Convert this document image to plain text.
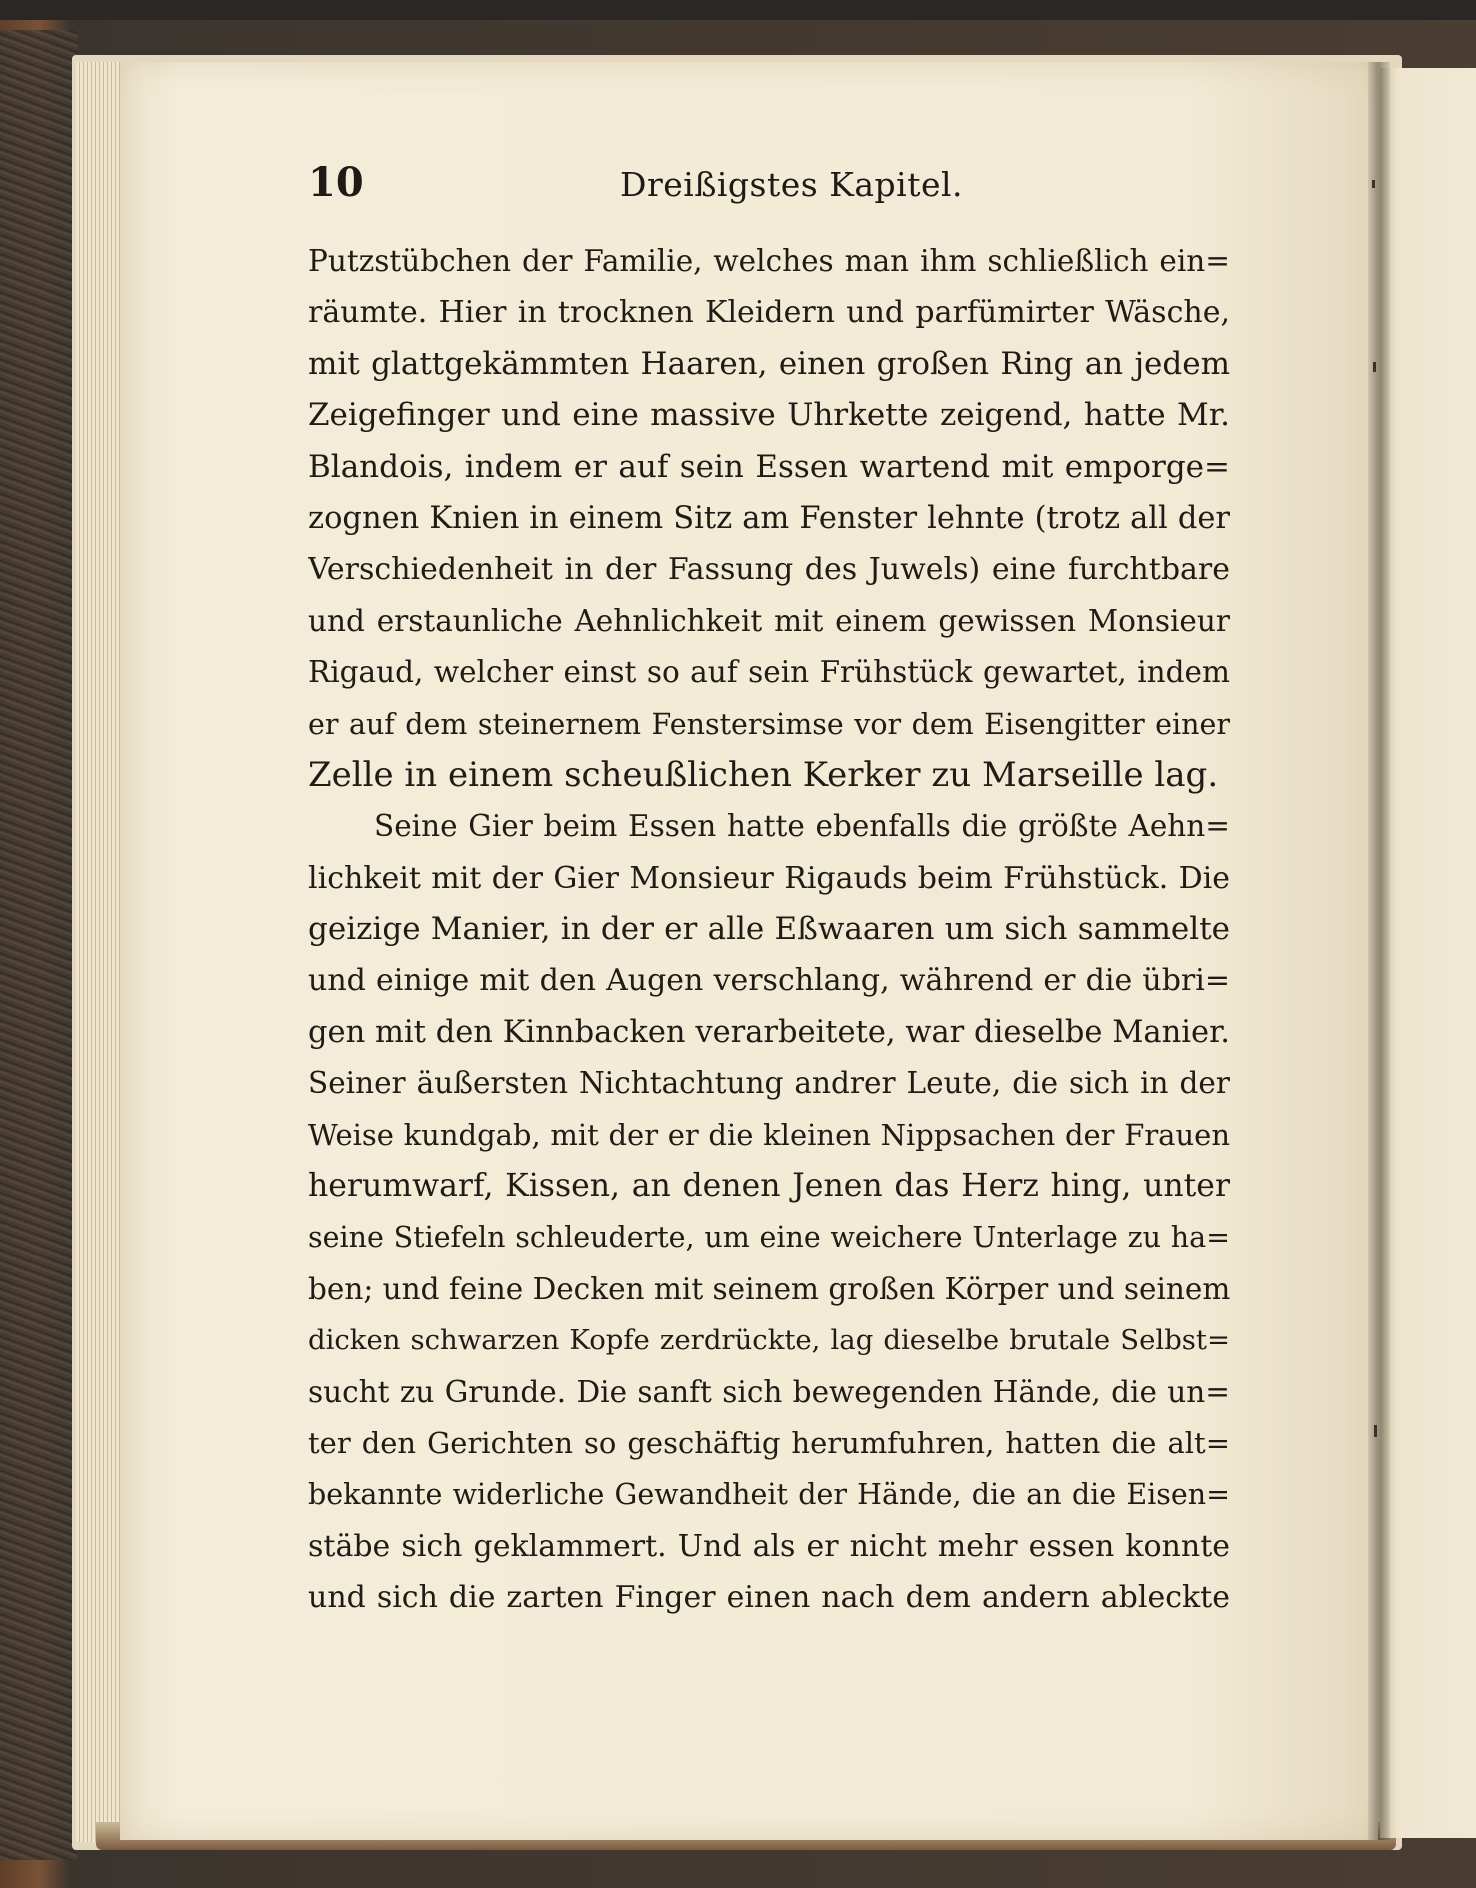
10	Dreißigstes Kapitel.
Putzstübchen der Familie, welches man ihm schließlich ein=
räumte. Hier in trocknen Kleidern und parfümirter Wäsche,
mit glattgekämmten Haaren, einen großen Ring an jedem
Zeigefinger und eine massive Uhrkette zeigend, hatte Mr.
Blandois, indem er auf sein Essen wartend mit emporge=
zognen Knien in einem Sitz am Fenster lehnte (trotz all der
Verschiedenheit in der Fassung des Juwels) eine furchtbare
und erstaunliche Aehnlichkeit mit einem gewissen Monsieur
Rigaud, welcher einst so auf sein Frühstück gewartet, indem
er auf dem steinernem Fenstersimse vor dem Eisengitter einer
Zelle in einem scheußlichen Kerker zu Marseille lag.
Seine Gier beim Essen hatte ebenfalls die größte Aehn=
lichkeit mit der Gier Monsieur Rigauds beim Frühstück. Die
geizige Manier, in der er alle Eßwaaren um sich sammelte
und einige mit den Augen verschlang, während er die übri=
gen mit den Kinnbacken verarbeitete, war dieselbe Manier.
Seiner äußersten Nichtachtung andrer Leute, die sich in der
Weise kundgab, mit der er die kleinen Nippsachen der Frauen
herumwarf, Kissen, an denen Jenen das Herz hing, unter
seine Stiefeln schleuderte, um eine weichere Unterlage zu ha=
ben; und feine Decken mit seinem großen Körper und seinem
dicken schwarzen Kopfe zerdrückte, lag dieselbe brutale Selbst=
sucht zu Grunde. Die sanft sich bewegenden Hände, die un=
ter den Gerichten so geschäftig herumfuhren, hatten die alt=
bekannte widerliche Gewandheit der Hände, die an die Eisen=
stäbe sich geklammert. Und als er nicht mehr essen konnte
und sich die zarten Finger einen nach dem andern ableckte
